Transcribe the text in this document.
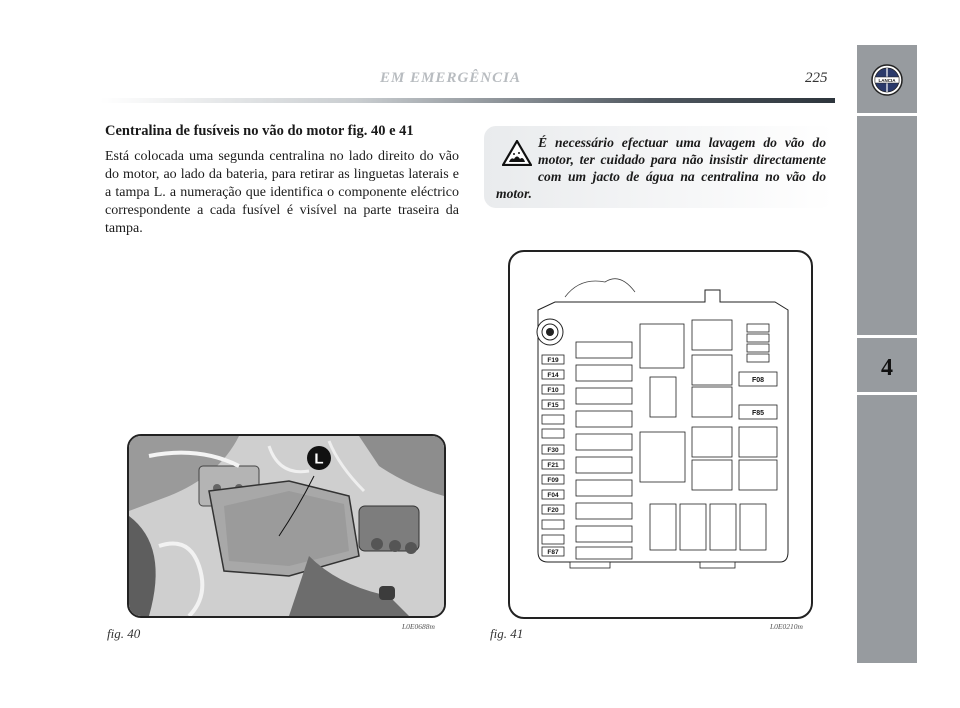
EM EMERGÊNCIA	225	LANCIA
4
Centralina de fusíveis no vão do motor fig. 40 e 41
Está colocada uma segunda centralina no lado direito do vão do motor, ao lado da bateria, para retirar as linguetas laterais e a tampa L. a numeração que identifica o componente eléctrico correspondente a cada fusível é visível na parte traseira da tampa.
É necessário efectuar uma lavagem do vão do motor, ter cuidado para não insistir directamente com um jacto de água na centralina no vão do motor.
L
fig. 40	L0E0688m
F19
F14
F10
F15
F30
F21
F09
F04
F20
F87
F08
F85
fig. 41	L0E0210m
